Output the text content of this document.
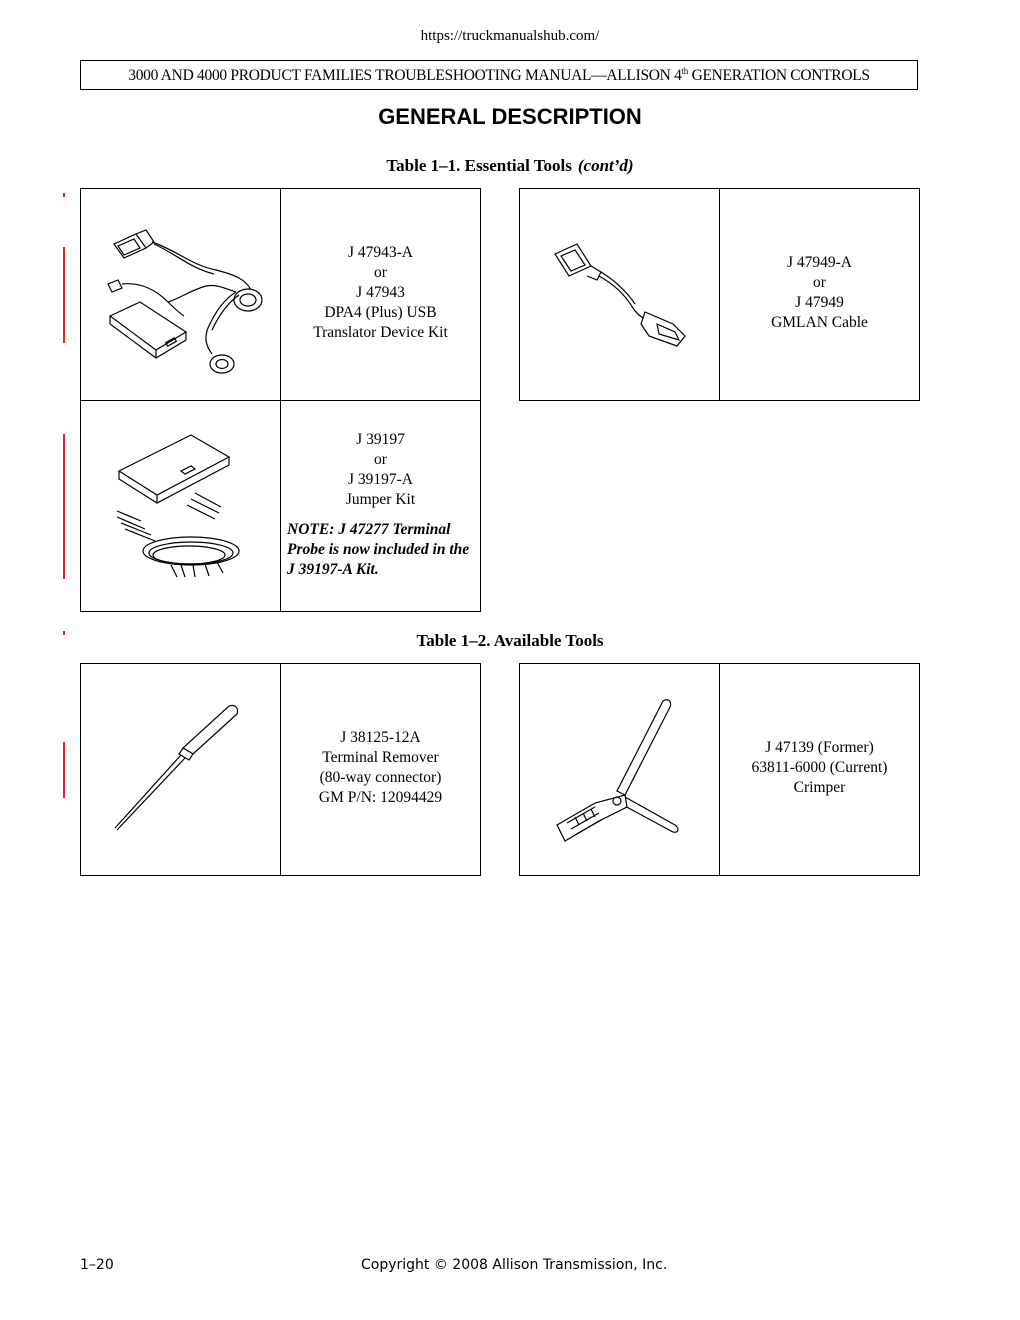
https://truckmanualshub.com/
3000 AND 4000 PRODUCT FAMILIES TROUBLESHOOTING MANUAL—ALLISON 4th GENERATION CONTROLS
GENERAL DESCRIPTION
Table 1–1. Essential Tools (cont’d)
J 47943-A
or
J 47943
DPA4 (Plus) USB
Translator Device Kit
J 47949-A
or
J 47949
GMLAN Cable
J 39197
or
J 39197-A
Jumper Kit
NOTE: J 47277 Terminal Probe is now included in the J 39197-A Kit.
Table 1–2. Available Tools
J 38125-12A
Terminal Remover
(80-way connector)
GM P/N: 12094429
J 47139 (Former)
63811-6000 (Current)
Crimper
1–20	Copyright © 2008 Allison Transmission, Inc.
